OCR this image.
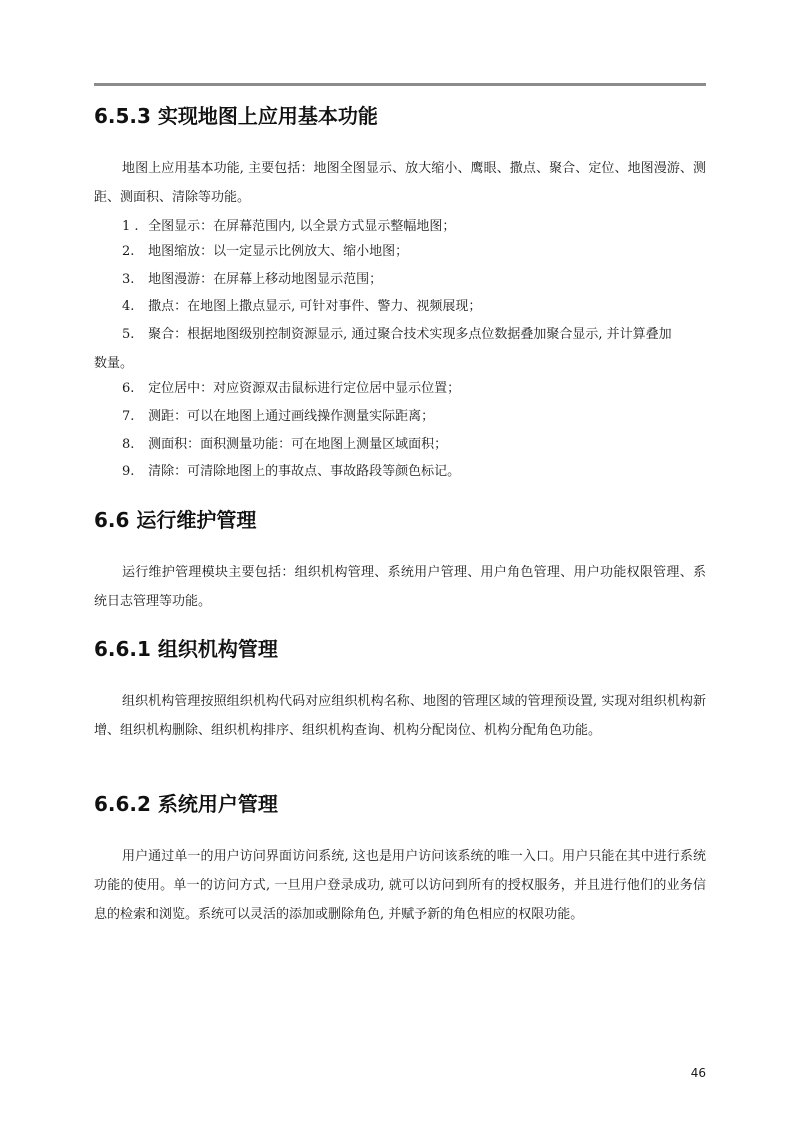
6.5.3 实现地图上应用基本功能

地图上应用基本功能, 主要包括：地图全图显示、放大缩小、鹰眼、撒点、聚合、定位、地图漫游、测距、测面积、清除等功能。

1 . 全图显示：在屏幕范围内, 以全景方式显示整幅地图；

2. 地图缩放：以一定显示比例放大、缩小地图；

3. 地图漫游：在屏幕上移动地图显示范围；

4. 撒点：在地图上撒点显示, 可针对事件、警力、视频展现；

5. 聚合：根据地图级别控制资源显示, 通过聚合技术实现多点位数据叠加聚合显示, 并计算叠加
数量。

6. 定位居中：对应资源双击鼠标进行定位居中显示位置；

7. 测距：可以在地图上通过画线操作测量实际距离；

8. 测面积：面积测量功能：可在地图上测量区域面积；

9. 清除：可清除地图上的事故点、事故路段等颜色标记。

6.6 运行维护管理

运行维护管理模块主要包括：组织机构管理、系统用户管理、用户角色管理、用户功能权限管理、系统日志管理等功能。

6.6.1 组织机构管理

组织机构管理按照组织机构代码对应组织机构名称、地图的管理区域的管理预设置, 实现对组织机构新增、组织机构删除、组织机构排序、组织机构查询、机构分配岗位、机构分配角色功能。

6.6.2 系统用户管理

用户通过单一的用户访问界面访问系统, 这也是用户访问该系统的唯一入口。用户只能在其中进行系统功能的使用。单一的访问方式, 一旦用户登录成功, 就可以访问到所有的授权服务，并且进行他们的业务信息的检索和浏览。系统可以灵活的添加或删除角色, 并赋予新的角色相应的权限功能。

46
